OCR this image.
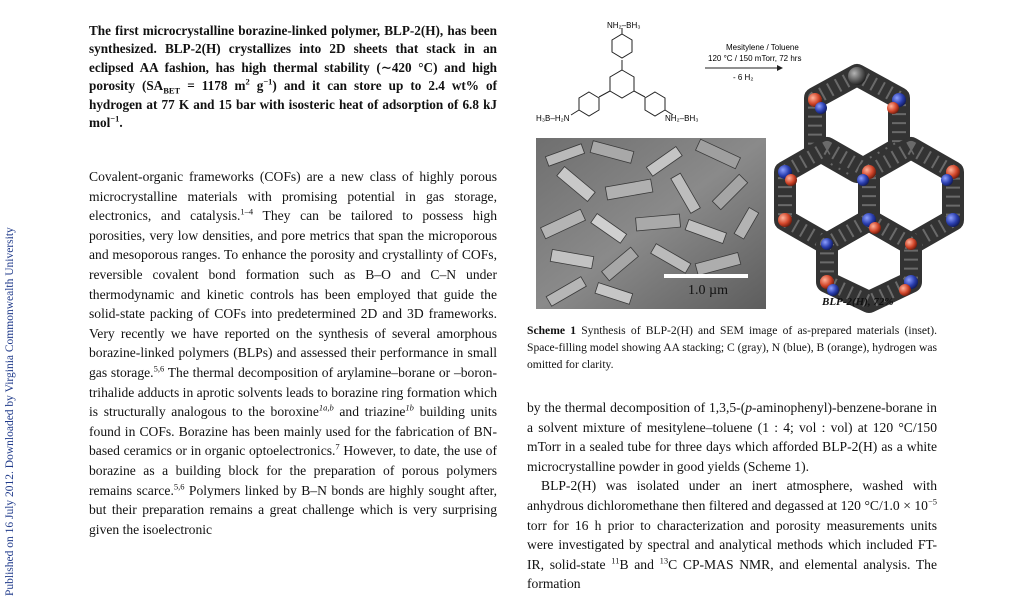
Published on 16 July 2012. Downloaded by Virginia Commonwealth University

The first microcrystalline borazine-linked polymer, BLP-2(H), has been synthesized. BLP-2(H) crystallizes into 2D sheets that stack in an eclipsed AA fashion, has high thermal stability (∼420 °C) and high porosity ($SA_{BET} = 1178$ $m^2$ $g^{-1}$) and it can store up to 2.4 wt% of hydrogen at 77 K and 15 bar with isosteric heat of adsorption of 6.8 kJ mol$^{-1}$.

Covalent-organic frameworks (COFs) are a new class of highly porous microcrystalline materials with promising potential in gas storage, electronics, and catalysis.$^{1-4}$ They can be tailored to possess high porosities, very low densities, and pore metrics that span the microporous and mesoporous ranges. To enhance the porosity and crystallinty of COFs, reversible covalent bond formation such as B–O and C–N under thermodynamic and kinetic controls has been employed that guide the solid-state packing of COFs into predetermined 2D and 3D frameworks. Very recently we have reported on the synthesis of several amorphous borazine-linked polymers (BLPs) and assessed their performance in small gas storage.$^{5,6}$ The thermal decomposition of arylamine–borane or –boron-trihalide adducts in aprotic solvents leads to borazine ring formation which is structurally analogous to the boroxine$^{1a,b}$ and triazine$^{1b}$ building units found in COFs. Borazine has been mainly used for the fabrication of BN-based ceramics or in organic optoelectronics.$^7$ However, to date, the use of borazine as a building block for the preparation of porous polymers remains scarce.$^{5,6}$ Polymers linked by B–N bonds are highly sought after, but their preparation remains a great challenge which is very surprising given the isoelectronic

NH₂–BH₃
NH₂–BH₃
H₃B–H₂N
Mesitylene / Toluene
120 °C / 150 mTorr, 72 hrs
- 6 H₂
1.0 µm
BLP-2(H), 72%

Scheme 1 Synthesis of BLP-2(H) and SEM image of as-prepared materials (inset). Space-filling model showing AA stacking; C (gray), N (blue), B (orange), hydrogen was omitted for clarity.

by the thermal decomposition of 1,3,5-(p-aminophenyl)-benzene-borane in a solvent mixture of mesitylene–toluene (1 : 4; vol : vol) at 120 °C/150 mTorr in a sealed tube for three days which afforded BLP-2(H) as a white microcrystalline powder in good yields (Scheme 1).

BLP-2(H) was isolated under an inert atmosphere, washed with anhydrous dichloromethane then filtered and degassed at 120 $^\circ C/1.0 \times 10^{-5}$ torr for 16 h prior to characterization and porosity measurements units were investigated by spectral and analytical methods which included FT-IR, solid-state $^{11}$B and $^{13}$C CP-MAS NMR, and elemental analysis. The formation
